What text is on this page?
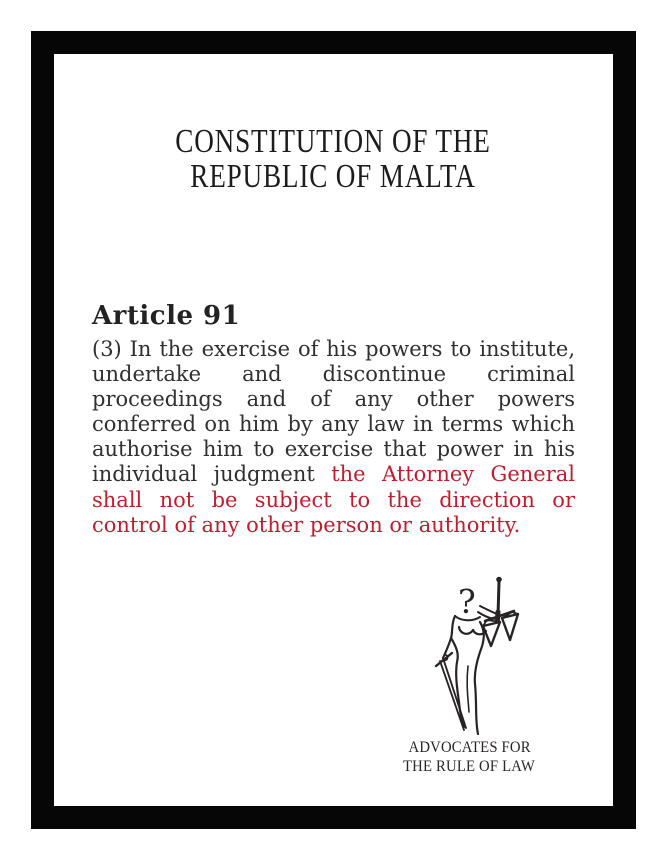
CONSTITUTION OF THE
REPUBLIC OF MALTA
Article 91
(3) In the exercise of his powers to institute,
undertake and discontinue criminal
proceedings and of any other powers
conferred on him by any law in terms which
authorise him to exercise that power in his
individual judgment the Attorney General
shall not be subject to the direction or
control of any other person or authority.
?
ADVOCATES FOR
THE RULE OF LAW
